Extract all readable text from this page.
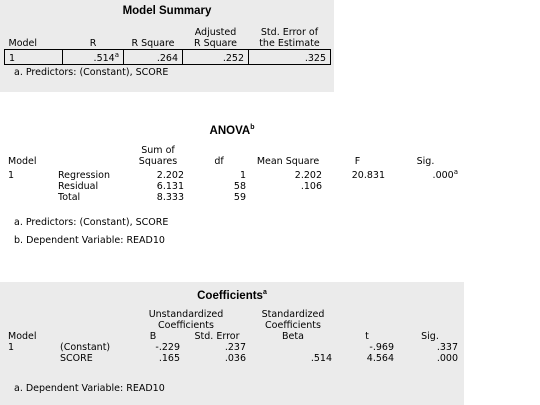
Model Summary
			Adjusted	Std. Error of
Model	R	R Square	R Square	the Estimate
1	.514$^a$	.264	.252	.325
a. Predictors: (Constant), SCORE
ANOVA$^b$
		Sum of				
Model		Squares	df	Mean Square	F	Sig.
1	Regression	2.202	1	2.202	20.831	.000$^a$
	Residual	6.131	58	.106		
	Total	8.333	59			
a. Predictors: (Constant), SCORE
b. Dependent Variable: READ10
Coefficients$^a$
		Unstandardized		Standardized		
		Coefficients		Coefficients		
Model		B	Std. Error	Beta	t	Sig.
1	(Constant)	-.229	.237		-.969	.337
	SCORE	.165	.036	.514	4.564	.000
a. Dependent Variable: READ10
